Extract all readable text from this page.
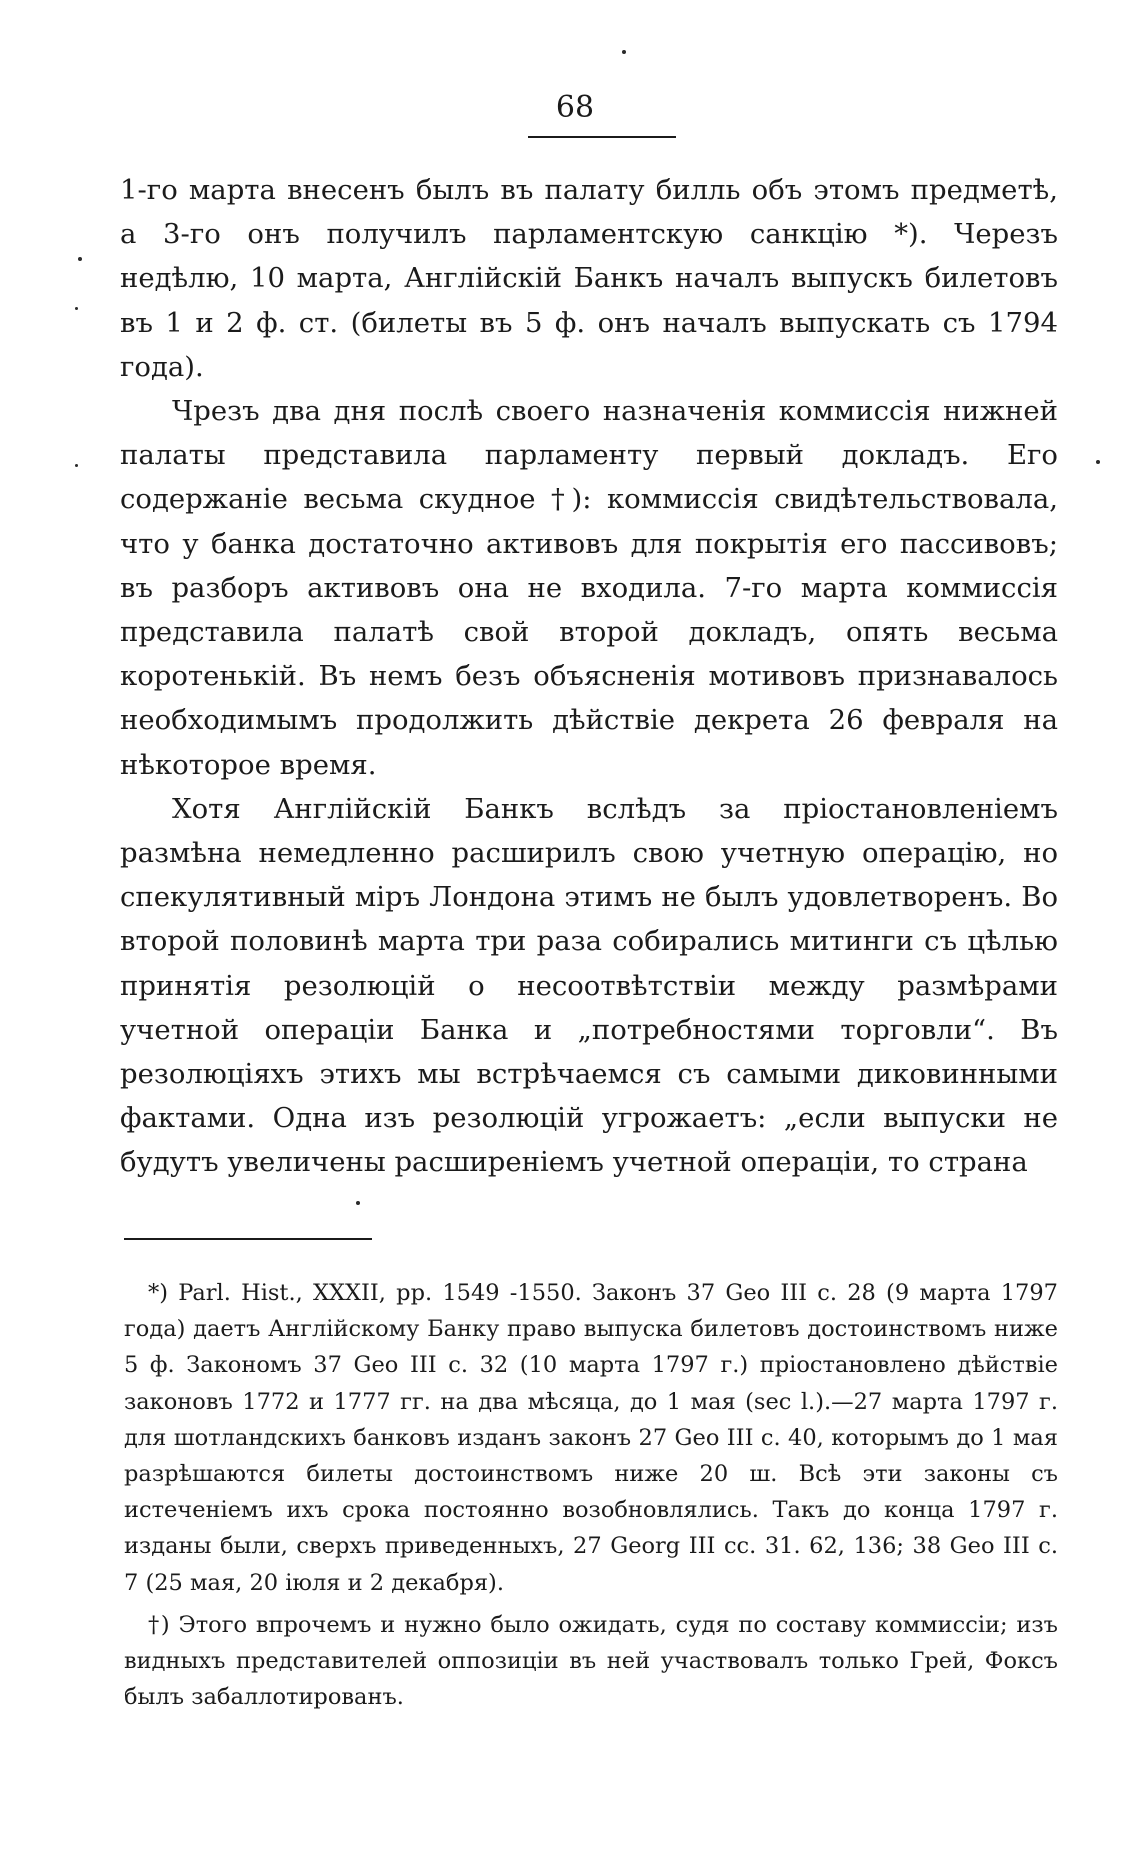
68

1-го марта внесенъ былъ въ палату билль объ этомъ предметѣ, а 3-го онъ получилъ парламентскую санкцію *). Черезъ недѣлю, 10 марта, Англійскій Банкъ началъ выпускъ билетовъ въ 1 и 2 ф. ст. (билеты въ 5 ф. онъ началъ выпускать съ 1794 года).

Чрезъ два дня послѣ своего назначенія коммиссія нижней палаты представила парламенту первый докладъ. Его содержаніе весьма скудное †): коммиссія свидѣтельствовала, что у банка достаточно активовъ для покрытія его пассивовъ; въ разборъ активовъ она не входила. 7-го марта коммиссія представила палатѣ свой второй докладъ, опять весьма коротенькій. Въ немъ безъ объясненія мотивовъ признавалось необходимымъ продолжить дѣйствіе декрета 26 февраля на нѣкоторое время.

Хотя Англійскій Банкъ вслѣдъ за пріостановленіемъ размѣна немедленно расширилъ свою учетную операцію, но спекулятивный міръ Лондона этимъ не былъ удовлетворенъ. Во второй половинѣ марта три раза собирались митинги съ цѣлью принятія резолюцій о несоотвѣтствіи между размѣрами учетной операціи Банка и „потребностями торговли“. Въ резолюціяхъ этихъ мы встрѣчаемся съ самыми диковинными фактами. Одна изъ резолюцій угрожаетъ: „если выпуски не будутъ увеличены расширеніемъ учетной операціи, то страна

*) Parl. Hist., XXXII, pp. 1549 -1550. Законъ 37 Geo III c. 28 (9 марта 1797 года) даетъ Англійскому Банку право выпуска билетовъ достоинствомъ ниже 5 ф. Закономъ 37 Geo III c. 32 (10 марта 1797 г.) пріостановлено дѣйствіе законовъ 1772 и 1777 гг. на два мѣсяца, до 1 мая (sec l.).—27 марта 1797 г. для шотландскихъ банковъ изданъ законъ 27 Geo III c. 40, которымъ до 1 мая разрѣшаются билеты достоинствомъ ниже 20 ш. Всѣ эти законы съ истеченіемъ ихъ срока постоянно возобновлялись. Такъ до конца 1797 г. изданы были, сверхъ приведенныхъ, 27 Georg III cc. 31. 62, 136; 38 Geo III c. 7 (25 мая, 20 іюля и 2 декабря).

†) Этого впрочемъ и нужно было ожидать, судя по составу коммиссіи; изъ видныхъ представителей оппозиціи въ ней участвовалъ только Грей, Фоксъ былъ забаллотированъ.
